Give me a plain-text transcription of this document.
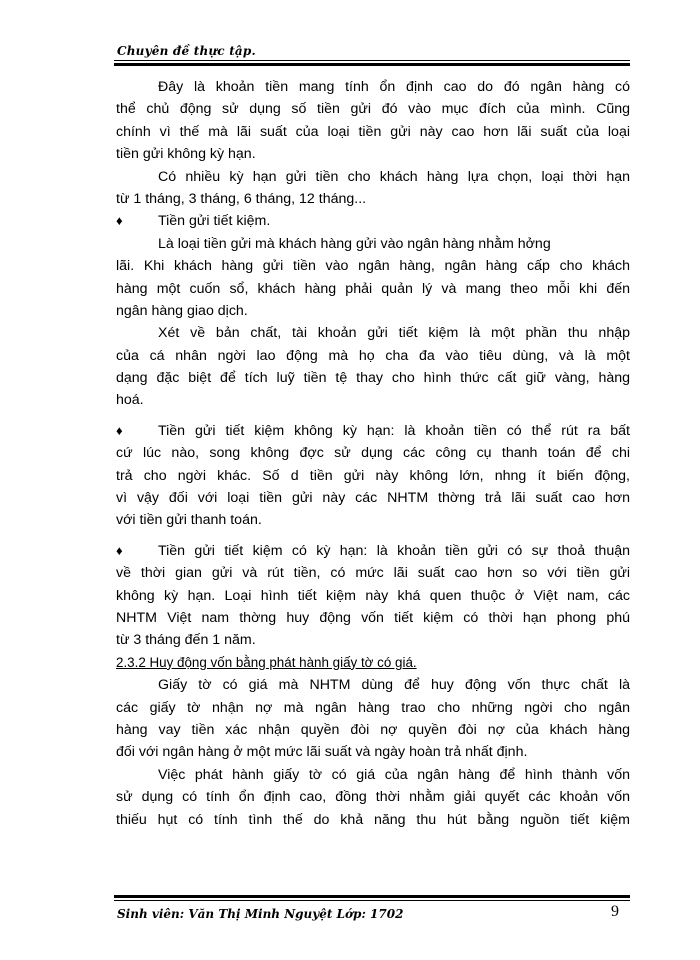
Chuyên đề thực tập.
Đây là khoản tiền mang tính ổn định cao do đó ngân hàng có
thể chủ động sử dụng số tiền gửi đó vào mục đích của mình. Cũng
chính vì thế mà lãi suất của loại tiền gửi này cao hơn lãi suất của loại
tiền gửi không kỳ hạn.
Có nhiều kỳ hạn gửi tiền cho khách hàng lựa chọn, loại thời hạn
từ 1 tháng, 3 tháng, 6 tháng, 12 tháng...
♦ Tiền gửi tiết kiệm.
Là loại tiền gửi mà khách hàng gửi vào ngân hàng nhằm hởng
lãi. Khi khách hàng gửi tiền vào ngân hàng, ngân hàng cấp cho khách
hàng một cuốn sổ, khách hàng phải quản lý và mang theo mỗi khi đến
ngân hàng giao dịch.
Xét về bản chất, tài khoản gửi tiết kiệm là một phần thu nhập
của cá nhân ngời lao động mà họ cha đa vào tiêu dùng, và là một
dạng đặc biệt để tích luỹ tiền tệ thay cho hình thức cất giữ vàng, hàng
hoá.
♦ Tiền gửi tiết kiệm không kỳ hạn: là khoản tiền có thể rút ra bất
cứ lúc nào, song không đợc sử dụng các công cụ thanh toán để chi
trả cho ngời khác. Số d tiền gửi này không lớn, nhng ít biến động,
vì vậy đối với loại tiền gửi này các NHTM thờng trả lãi suất cao hơn
với tiền gửi thanh toán.
♦ Tiền gửi tiết kiệm có kỳ hạn: là khoản tiền gửi có sự thoả thuận
về thời gian gửi và rút tiền, có mức lãi suất cao hơn so với tiền gửi
không kỳ hạn. Loại hình tiết kiệm này khá quen thuộc ở Việt nam, các
NHTM Việt nam thờng huy động vốn tiết kiệm có thời hạn phong phú
từ 3 tháng đến 1 năm.
2.3.2 Huy động vốn bằng phát hành giấy tờ có giá.
Giấy tờ có giá mà NHTM dùng để huy động vốn thực chất là
các giấy tờ nhận nợ mà ngân hàng trao cho những ngời cho ngân
hàng vay tiền xác nhận quyền đòi nợ quyền đòi nợ của khách hàng
đối với ngân hàng ở một mức lãi suất và ngày hoàn trả nhất định.
Việc phát hành giấy tờ có giá của ngân hàng để hình thành vốn
sử dụng có tính ổn định cao, đồng thời nhằm giải quyết các khoản vốn
thiếu hụt có tính tình thế do khả năng thu hút bằng nguồn tiết kiệm
Sinh viên: Văn Thị Minh Nguyệt Lớp: 1702	9
